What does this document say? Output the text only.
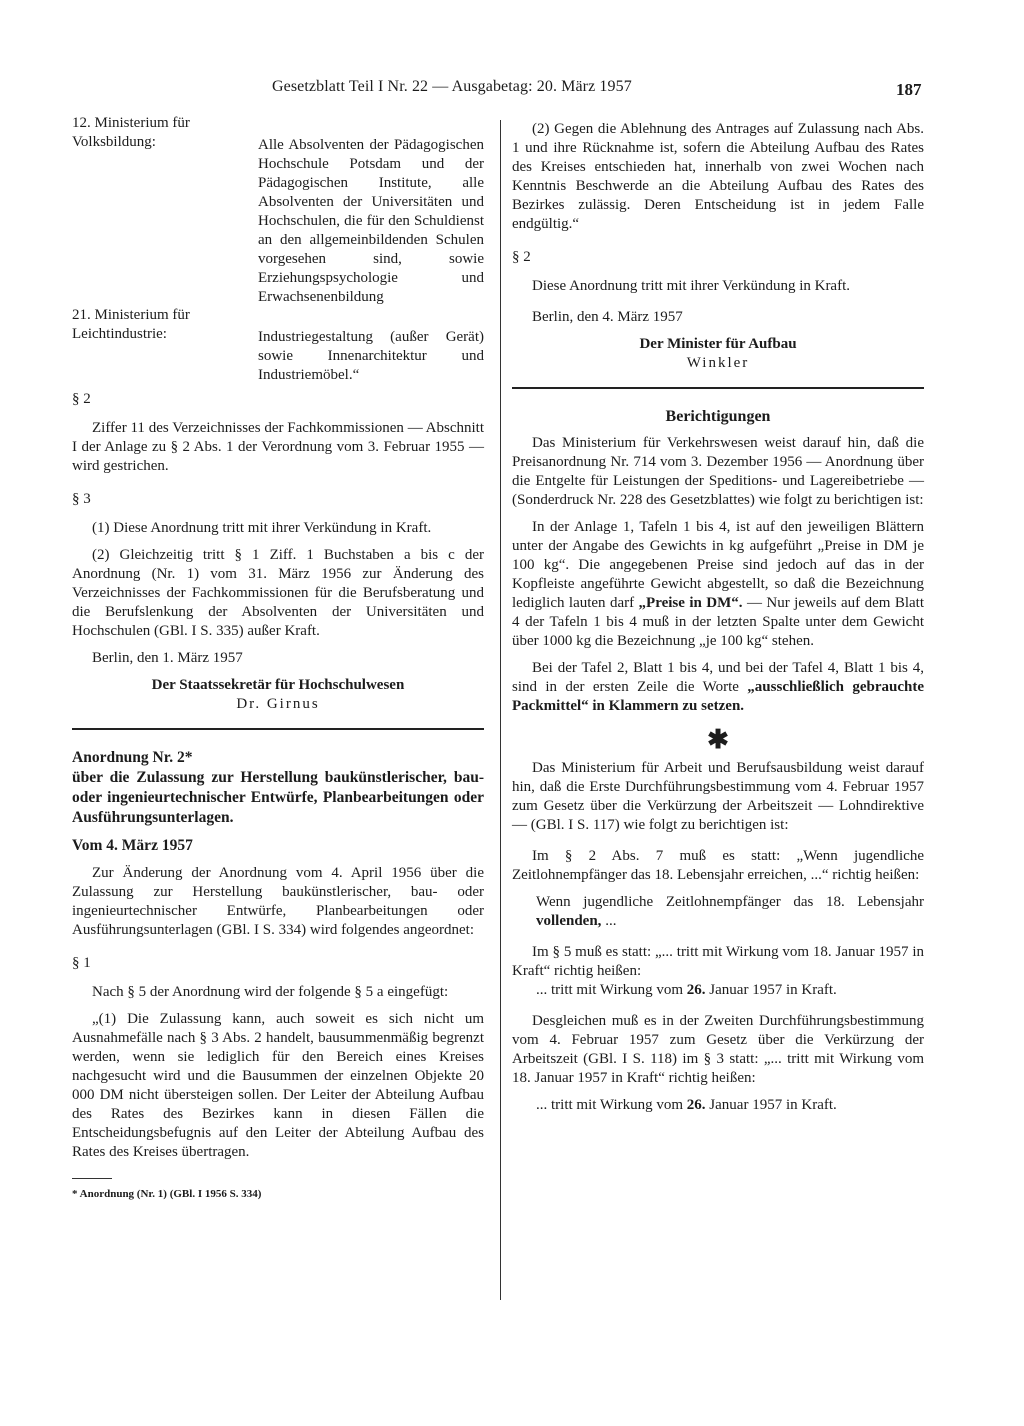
Gesetzblatt Teil I Nr. 22 — Ausgabetag: 20. März 1957	187
12. Ministerium für Volksbildung:	Alle Absolventen der Pädagogischen Hochschule Potsdam und der Pädagogischen Institute, alle Absolventen der Universitäten und Hochschulen, die für den Schuldienst an den allgemeinbildenden Schulen vorgesehen sind, sowie Erziehungspsychologie und Erwachsenenbildung
21. Ministerium für Leichtindustrie:	Industriegestaltung (außer Gerät) sowie Innenarchitektur und Industriemöbel.“

§ 2

Ziffer 11 des Verzeichnisses der Fachkommissionen — Abschnitt I der Anlage zu § 2 Abs. 1 der Verordnung vom 3. Februar 1955 — wird gestrichen.

§ 3

(1) Diese Anordnung tritt mit ihrer Verkündung in Kraft.

(2) Gleichzeitig tritt § 1 Ziff. 1 Buchstaben a bis c der Anordnung (Nr. 1) vom 31. März 1956 zur Änderung des Verzeichnisses der Fachkommissionen für die Berufsberatung und die Berufslenkung der Absolventen der Universitäten und Hochschulen (GBl. I S. 335) außer Kraft.

Berlin, den 1. März 1957

Der Staatssekretär für Hochschulwesen

Dr. Girnus

Anordnung Nr. 2*

über die Zulassung zur Herstellung baukünstlerischer, bau- oder ingenieurtechnischer Entwürfe, Planbearbeitungen oder Ausführungsunterlagen.

Vom 4. März 1957

Zur Änderung der Anordnung vom 4. April 1956 über die Zulassung zur Herstellung baukünstlerischer, bau- oder ingenieurtechnischer Entwürfe, Planbearbeitungen oder Ausführungsunterlagen (GBl. I S. 334) wird folgendes angeordnet:

§ 1

Nach § 5 der Anordnung wird der folgende § 5 a eingefügt:

„(1) Die Zulassung kann, auch soweit es sich nicht um Ausnahmefälle nach § 3 Abs. 2 handelt, bausummenmäßig begrenzt werden, wenn sie lediglich für den Bereich eines Kreises nachgesucht wird und die Bausummen der einzelnen Objekte 20 000 DM nicht übersteigen sollen. Der Leiter der Abteilung Aufbau des Rates des Bezirkes kann in diesen Fällen die Entscheidungsbefugnis auf den Leiter der Abteilung Aufbau des Rates des Kreises übertragen.

* Anordnung (Nr. 1) (GBl. I 1956 S. 334)

(2) Gegen die Ablehnung des Antrages auf Zulassung nach Abs. 1 und ihre Rücknahme ist, sofern die Abteilung Aufbau des Rates des Kreises entschieden hat, innerhalb von zwei Wochen nach Kenntnis Beschwerde an die Abteilung Aufbau des Rates des Bezirkes zulässig. Deren Entscheidung ist in jedem Falle endgültig.“

§ 2

Diese Anordnung tritt mit ihrer Verkündung in Kraft.

Berlin, den 4. März 1957

Der Minister für Aufbau

Winkler

Berichtigungen

Das Ministerium für Verkehrswesen weist darauf hin, daß die Preisanordnung Nr. 714 vom 3. Dezember 1956 — Anordnung über die Entgelte für Leistungen der Speditions- und Lagereibetriebe — (Sonderdruck Nr. 228 des Gesetzblattes) wie folgt zu berichtigen ist:

In der Anlage 1, Tafeln 1 bis 4, ist auf den jeweiligen Blättern unter der Angabe des Gewichts in kg aufgeführt „Preise in DM je 100 kg“. Die angegebenen Preise sind jedoch auf das in der Kopfleiste angeführte Gewicht abgestellt, so daß die Bezeichnung lediglich lauten darf „Preise in DM“. — Nur jeweils auf dem Blatt 4 der Tafeln 1 bis 4 muß in der letzten Spalte unter dem Gewicht über 1000 kg die Bezeichnung „je 100 kg“ stehen.

Bei der Tafel 2, Blatt 1 bis 4, und bei der Tafel 4, Blatt 1 bis 4, sind in der ersten Zeile die Worte „ausschließlich gebrauchte Packmittel“ in Klammern zu setzen.

✱

Das Ministerium für Arbeit und Berufsausbildung weist darauf hin, daß die Erste Durchführungsbestimmung vom 4. Februar 1957 zum Gesetz über die Verkürzung der Arbeitszeit — Lohndirektive — (GBl. I S. 117) wie folgt zu berichtigen ist:

Im § 2 Abs. 7 muß es statt: „Wenn jugendliche Zeitlohnempfänger das 18. Lebensjahr erreichen, ...“ richtig heißen:

Wenn jugendliche Zeitlohnempfänger das 18. Lebensjahr vollenden, ...

Im § 5 muß es statt: „... tritt mit Wirkung vom 18. Januar 1957 in Kraft“ richtig heißen:

... tritt mit Wirkung vom 26. Januar 1957 in Kraft.

Desgleichen muß es in der Zweiten Durchführungsbestimmung vom 4. Februar 1957 zum Gesetz über die Verkürzung der Arbeitszeit (GBl. I S. 118) im § 3 statt: „... tritt mit Wirkung vom 18. Januar 1957 in Kraft“ richtig heißen:

... tritt mit Wirkung vom 26. Januar 1957 in Kraft.
